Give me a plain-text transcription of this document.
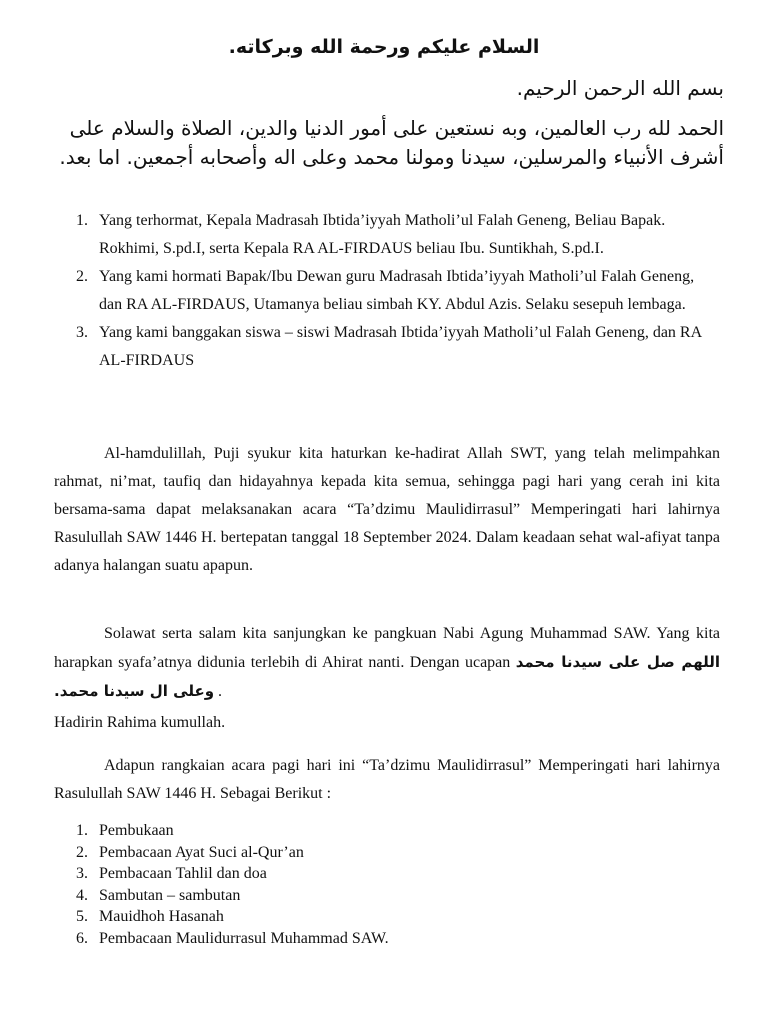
السلام عليكم ورحمة الله وبركاته.

بسم الله الرحمن الرحيم.

الحمد لله رب العالمين، وبه نستعين على أمور الدنيا والدين، الصلاة والسلام على أشرف الأنبياء والمرسلين، سيدنا ومولنا محمد وعلى اله وأصحابه أجمعين. اما بعد.

1. Yang terhormat, Kepala Madrasah Ibtida’iyyah Matholi’ul Falah Geneng, Beliau Bapak. Rokhimi, S.pd.I, serta Kepala RA AL-FIRDAUS beliau Ibu. Suntikhah, S.pd.I.
2. Yang kami hormati Bapak/Ibu Dewan guru Madrasah Ibtida’iyyah Matholi’ul Falah Geneng, dan RA AL-FIRDAUS, Utamanya beliau simbah KY. Abdul Azis. Selaku sesepuh lembaga.
3. Yang kami banggakan siswa – siswi Madrasah Ibtida’iyyah Matholi’ul Falah Geneng, dan RA AL-FIRDAUS

Al-hamdulillah, Puji syukur kita haturkan ke-hadirat Allah SWT, yang telah melimpahkan rahmat, ni’mat, taufiq dan hidayahnya kepada kita semua, sehingga pagi hari yang cerah ini kita bersama-sama dapat melaksanakan acara “Ta’dzimu Maulidirrasul” Memperingati hari lahirnya Rasulullah SAW 1446 H. bertepatan tanggal 18 September 2024. Dalam keadaan sehat wal-afiyat tanpa adanya halangan suatu apapun.

Solawat serta salam kita sanjungkan ke pangkuan Nabi Agung Muhammad SAW. Yang kita harapkan syafa’atnya didunia terlebih di Ahirat nanti. Dengan ucapan اللهم صل على سيدنا محمد وعلى ال سيدنا محمد. .

Hadirin Rahima kumullah.

Adapun rangkaian acara pagi hari ini “Ta’dzimu Maulidirrasul” Memperingati hari lahirnya Rasulullah SAW 1446 H. Sebagai Berikut :

1. Pembukaan
2. Pembacaan Ayat Suci al-Qur’an
3. Pembacaan Tahlil dan doa
4. Sambutan – sambutan
5. Mauidhoh Hasanah
6. Pembacaan Maulidurrasul Muhammad SAW.
